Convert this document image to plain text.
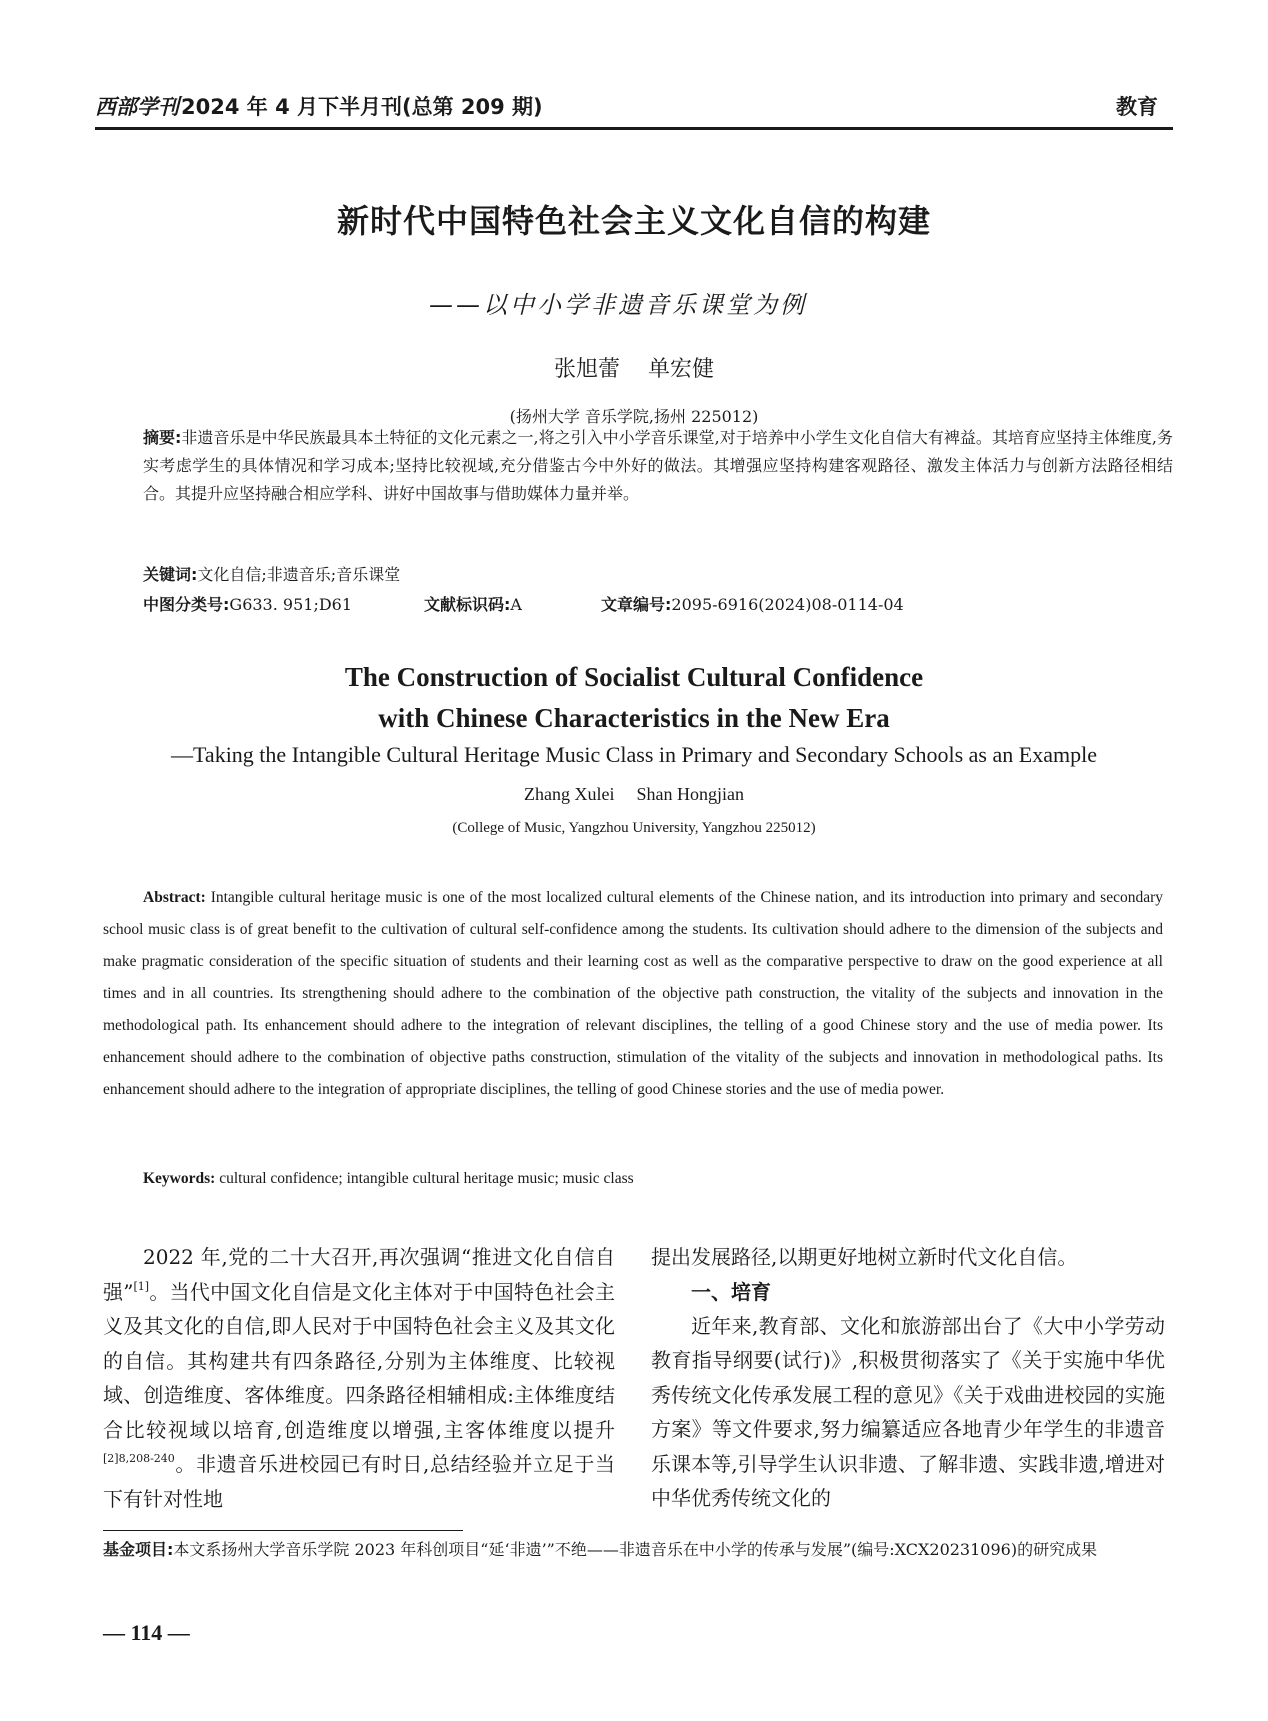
西部学刊2024 年 4 月下半月刊(总第 209 期)	教育
新时代中国特色社会主义文化自信的构建
——以中小学非遗音乐课堂为例
张旭蕾 单宏健
(扬州大学 音乐学院,扬州 225012)
摘要:非遗音乐是中华民族最具本土特征的文化元素之一,将之引入中小学音乐课堂,对于培养中小学生文化自信大有裨益。其培育应坚持主体维度,务实考虑学生的具体情况和学习成本;坚持比较视域,充分借鉴古今中外好的做法。其增强应坚持构建客观路径、激发主体活力与创新方法路径相结合。其提升应坚持融合相应学科、讲好中国故事与借助媒体力量并举。
关键词:文化自信;非遗音乐;音乐课堂
中图分类号:G633. 951;D61	文献标识码:A	文章编号:2095-6916(2024)08-0114-04
The Construction of Socialist Cultural Confidence
with Chinese Characteristics in the New Era
—Taking the Intangible Cultural Heritage Music Class in Primary and Secondary Schools as an Example
Zhang Xulei Shan Hongjian
(College of Music, Yangzhou University, Yangzhou 225012)
Abstract: Intangible cultural heritage music is one of the most localized cultural elements of the Chinese nation, and its introduction into primary and secondary school music class is of great benefit to the cultivation of cultural self-confidence among the students. Its cultivation should adhere to the dimension of the subjects and make pragmatic consideration of the specific situation of students and their learning cost as well as the comparative perspective to draw on the good experience at all times and in all countries. Its strengthening should adhere to the combination of the objective path construction, the vitality of the subjects and innovation in the methodological path. Its enhancement should adhere to the integration of relevant disciplines, the telling of a good Chinese story and the use of media power. Its enhancement should adhere to the combination of objective paths construction, stimulation of the vitality of the subjects and innovation in methodological paths. Its enhancement should adhere to the integration of appropriate disciplines, the telling of good Chinese stories and the use of media power.
Keywords: cultural confidence; intangible cultural heritage music; music class
2022 年,党的二十大召开,再次强调“推进文化自信自强”[1]。当代中国文化自信是文化主体对于中国特色社会主义及其文化的自信,即人民对于中国特色社会主义及其文化的自信。其构建共有四条路径,分别为主体维度、比较视域、创造维度、客体维度。四条路径相辅相成:主体维度结合比较视域以培育,创造维度以增强,主客体维度以提升$^{[2]8,208-240}$。非遗音乐进校园已有时日,总结经验并立足于当下有针对性地
提出发展路径,以期更好地树立新时代文化自信。
一、培育
近年来,教育部、文化和旅游部出台了《大中小学劳动教育指导纲要(试行)》,积极贯彻落实了《关于实施中华优秀传统文化传承发展工程的意见》《关于戏曲进校园的实施方案》等文件要求,努力编纂适应各地青少年学生的非遗音乐课本等,引导学生认识非遗、了解非遗、实践非遗,增进对中华优秀传统文化的
基金项目:本文系扬州大学音乐学院 2023 年科创项目“延‘非遗’”不绝——非遗音乐在中小学的传承与发展”(编号:XCX20231096)的研究成果
— 114 —
